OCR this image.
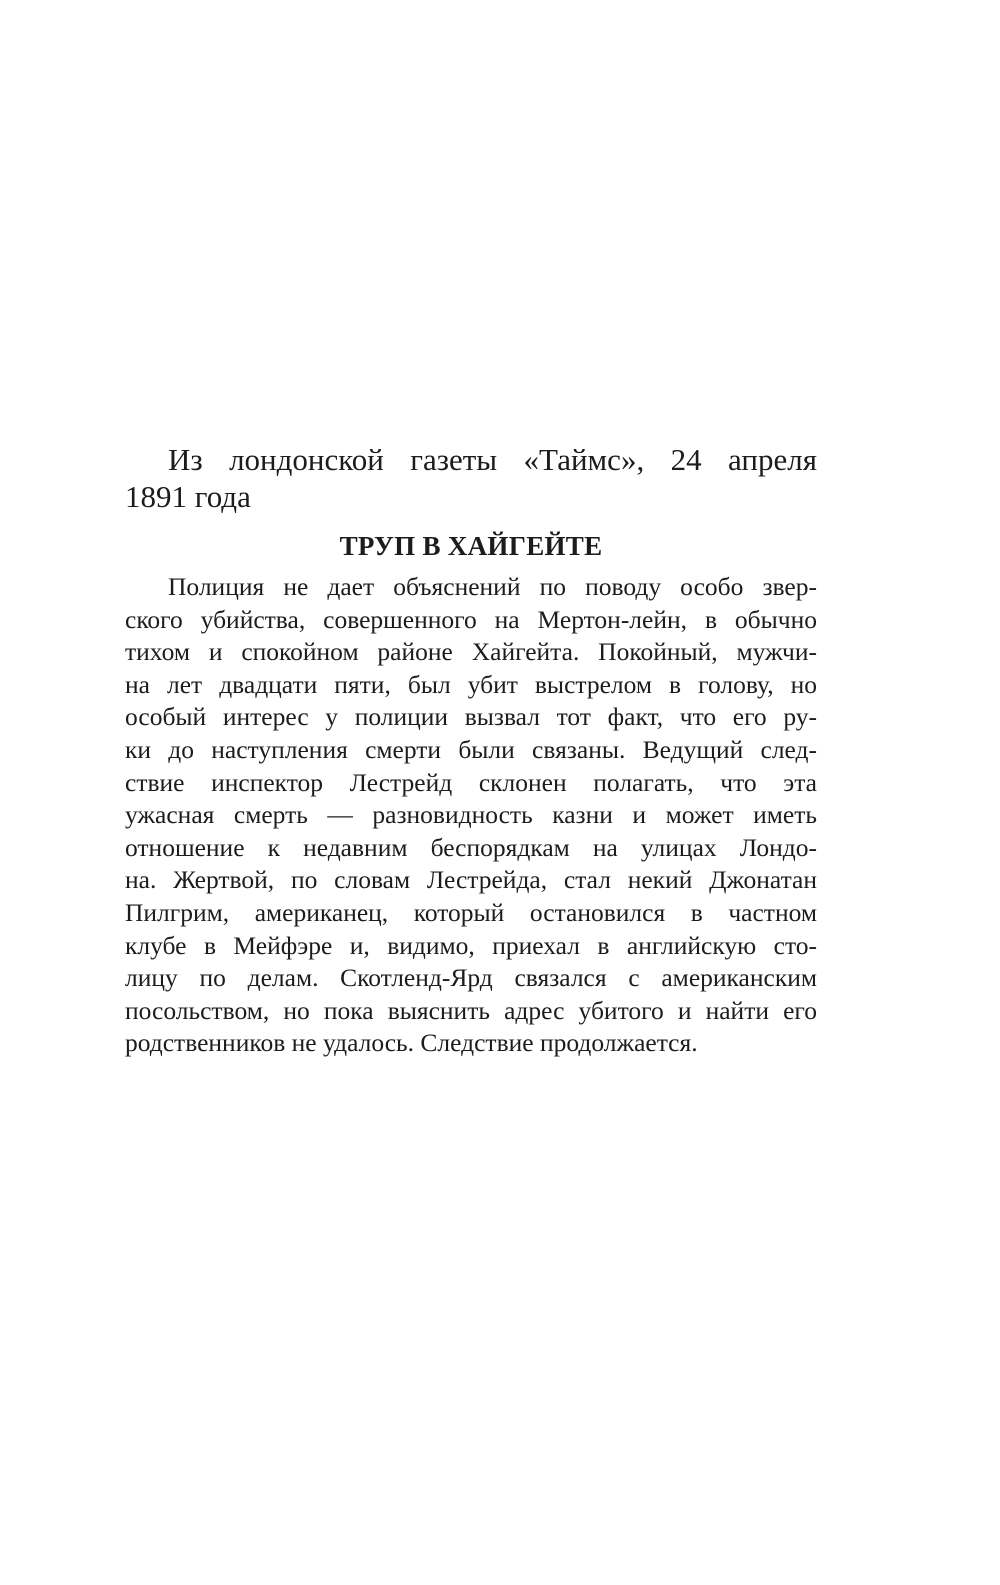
Из лондонской газеты «Таймс», 24 апреля
1891 года

ТРУП В ХАЙГЕЙТЕ

Полиция не дает объяснений по поводу особо звер-
ского убийства, совершенного на Мертон-лейн, в обычно
тихом и спокойном районе Хайгейта. Покойный, мужчи-
на лет двадцати пяти, был убит выстрелом в голову, но
особый интерес у полиции вызвал тот факт, что его ру-
ки до наступления смерти были связаны. Ведущий след-
ствие инспектор Лестрейд склонен полагать, что эта
ужасная смерть — разновидность казни и может иметь
отношение к недавним беспорядкам на улицах Лондо-
на. Жертвой, по словам Лестрейда, стал некий Джонатан
Пилгрим, американец, который остановился в частном
клубе в Мейфэре и, видимо, приехал в английскую сто-
лицу по делам. Скотленд-Ярд связался с американским
посольством, но пока выяснить адрес убитого и найти его
родственников не удалось. Следствие продолжается.
